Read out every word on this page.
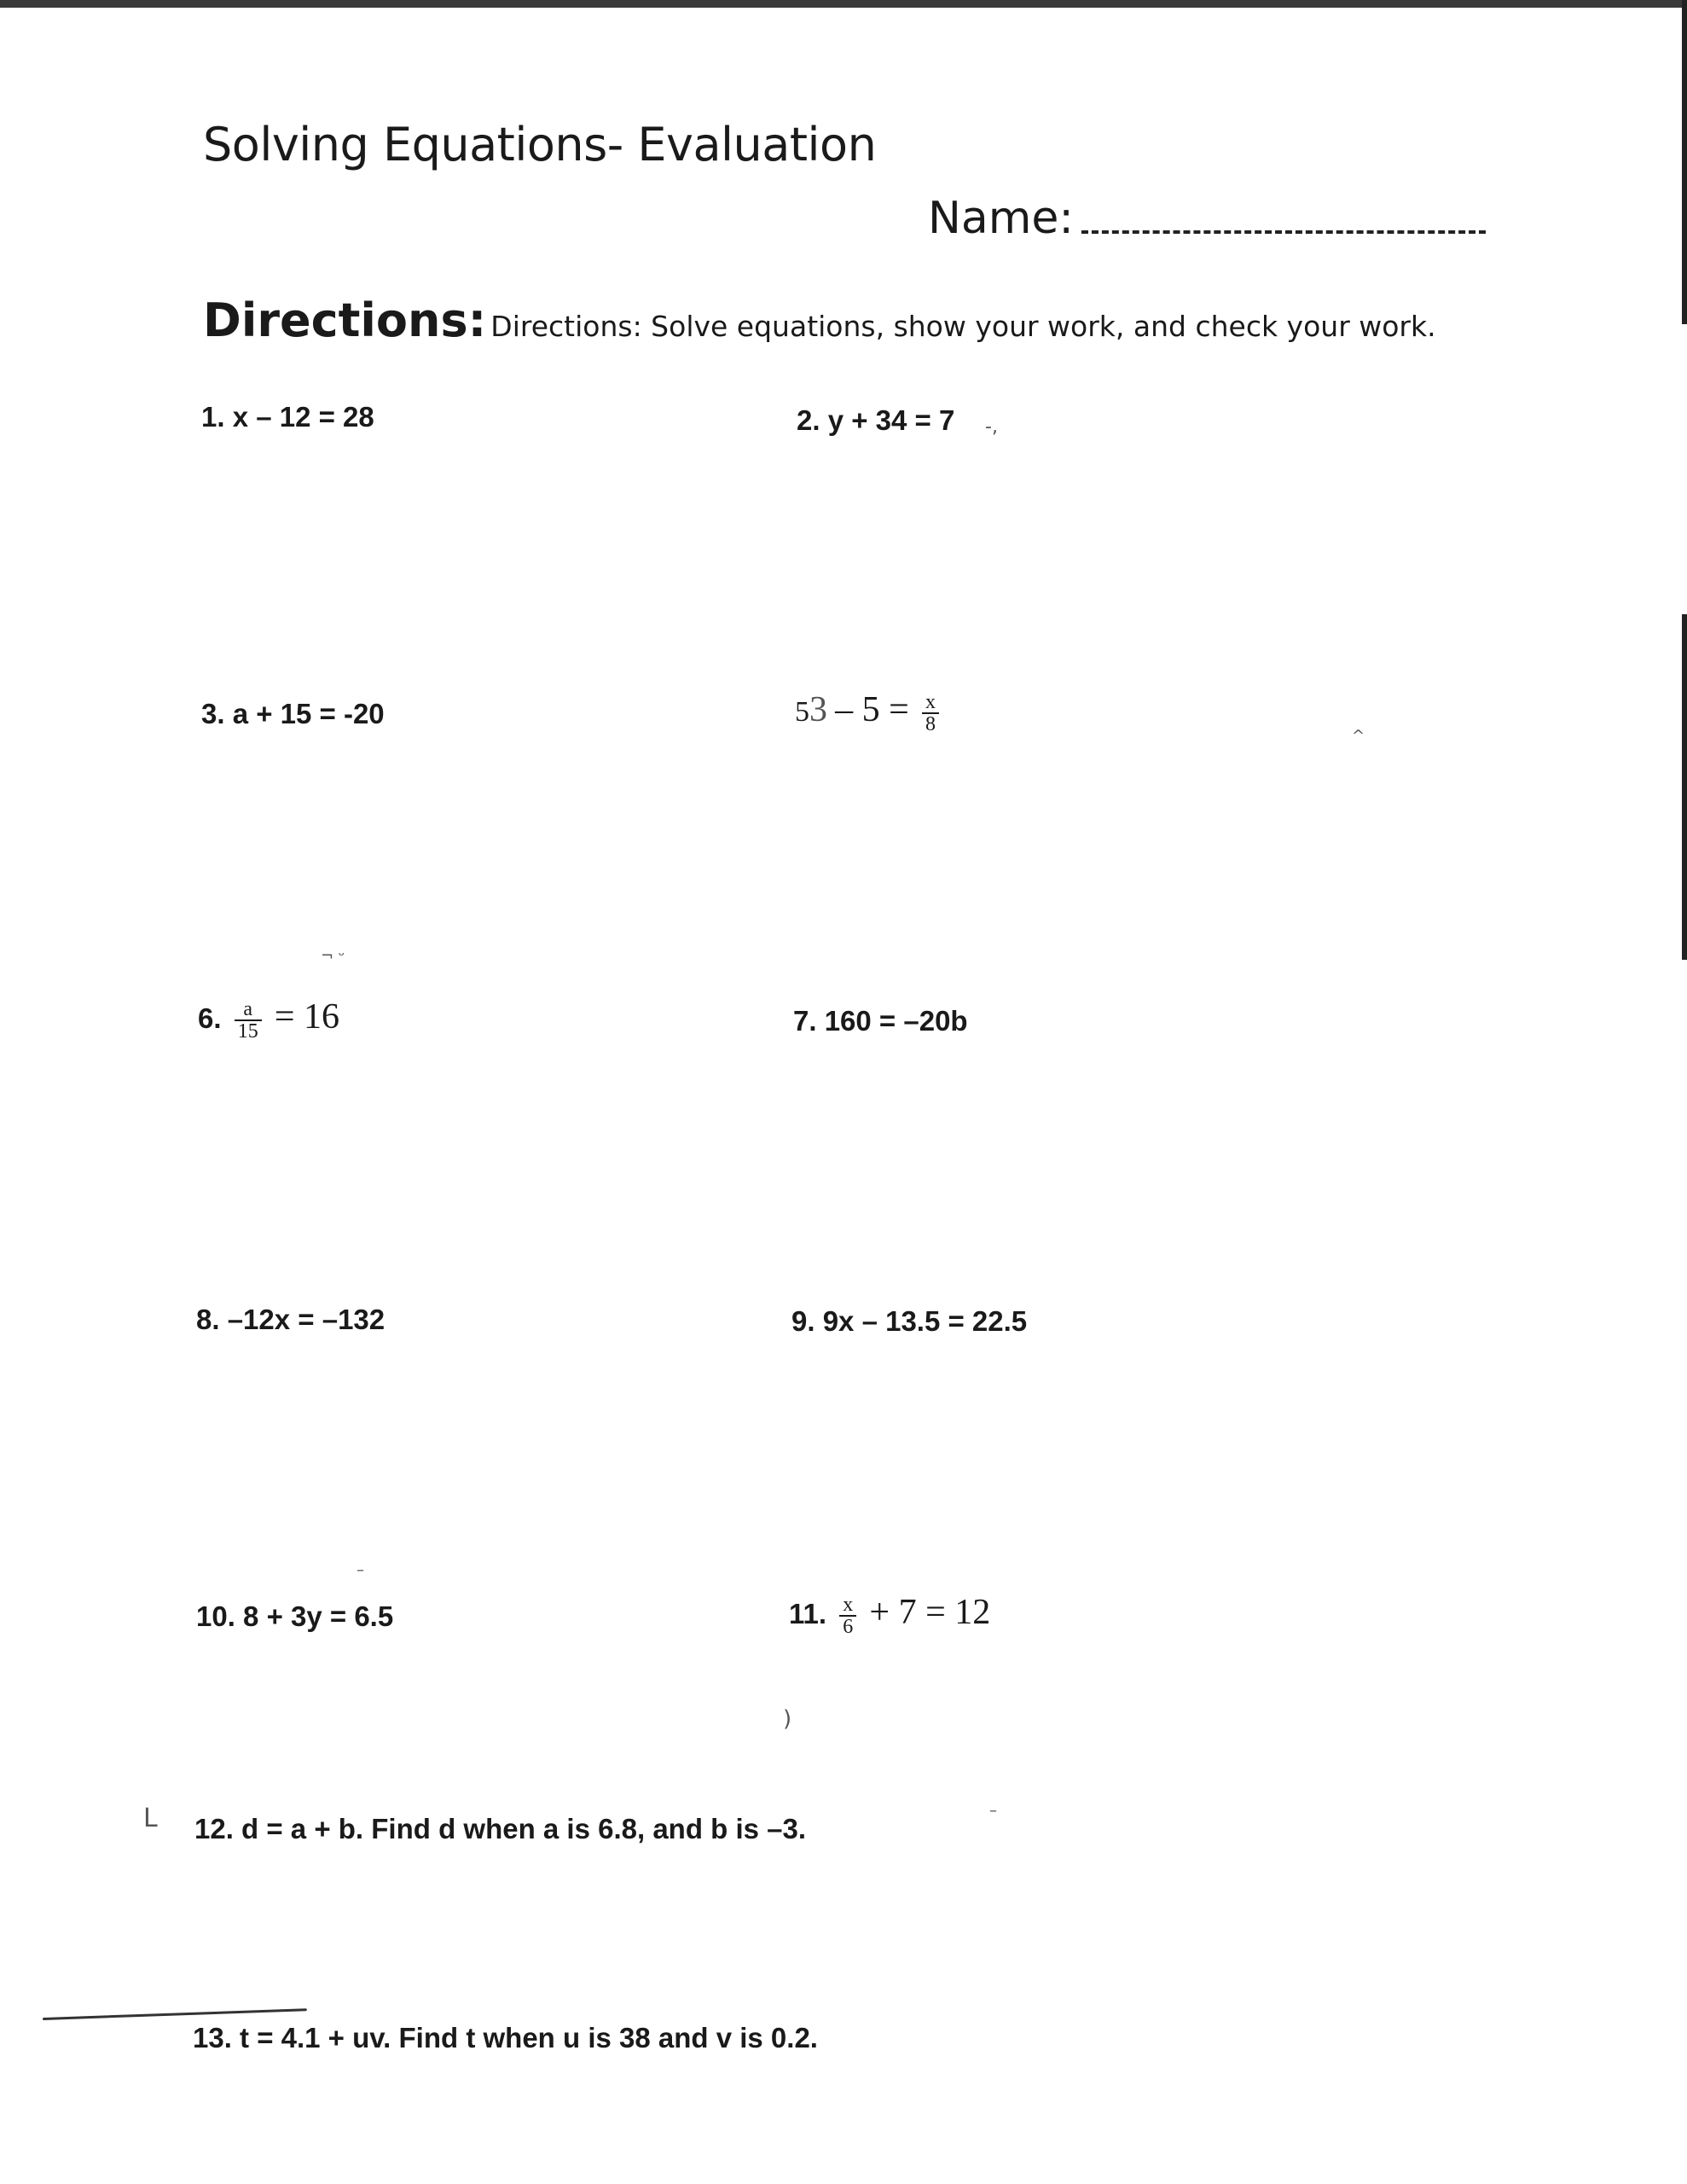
Solving Equations- Evaluation
Name:
Directions: Directions: Solve equations, show your work, and check your work.
1. x – 12 = 28	2. y + 34 = 7 -,
3. a + 15 = -20	$53 - 5 = \frac{x}{8}$
^
¬ ᵕ
6. $\frac{a}{15} = 16$	7. 160 = –20b
8. –12x = –132	9. 9x – 13.5 = 22.5
–
10. 8 + 3y = 6.5	11. $\frac{x}{6} + 7 = 12$
)
L 12. d = a + b. Find d when a is 6.8, and b is –3.
–
13. t = 4.1 + uv. Find t when u is 38 and v is 0.2.
